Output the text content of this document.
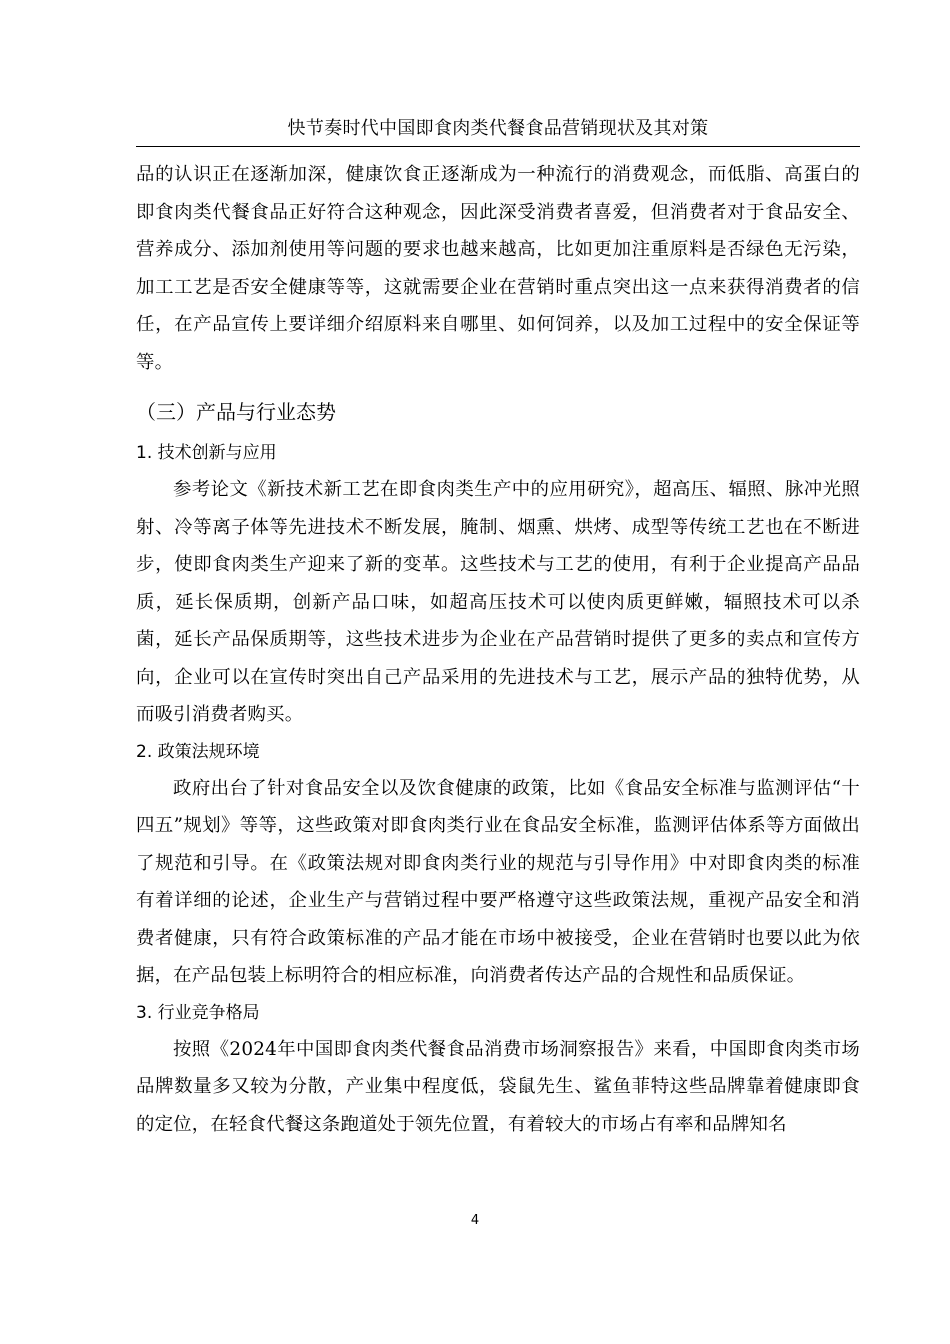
快节奏时代中国即食肉类代餐食品营销现状及其对策

品的认识正在逐渐加深，健康饮食正逐渐成为一种流行的消费观念，而低脂、高蛋白的即食肉类代餐食品正好符合这种观念，因此深受消费者喜爱，但消费者对于食品安全、营养成分、添加剂使用等问题的要求也越来越高，比如更加注重原料是否绿色无污染，加工工艺是否安全健康等等，这就需要企业在营销时重点突出这一点来获得消费者的信任，在产品宣传上要详细介绍原料来自哪里、如何饲养，以及加工过程中的安全保证等等。

（三）产品与行业态势
1. 技术创新与应用

参考论文《新技术新工艺在即食肉类生产中的应用研究》，超高压、辐照、脉冲光照射、冷等离子体等先进技术不断发展，腌制、烟熏、烘烤、成型等传统工艺也在不断进步，使即食肉类生产迎来了新的变革。这些技术与工艺的使用，有利于企业提高产品品质，延长保质期，创新产品口味，如超高压技术可以使肉质更鲜嫩，辐照技术可以杀菌，延长产品保质期等，这些技术进步为企业在产品营销时提供了更多的卖点和宣传方向，企业可以在宣传时突出自己产品采用的先进技术与工艺，展示产品的独特优势，从而吸引消费者购买。

2. 政策法规环境

政府出台了针对食品安全以及饮食健康的政策，比如《食品安全标准与监测评估“十四五”规划》等等，这些政策对即食肉类行业在食品安全标准，监测评估体系等方面做出了规范和引导。在《政策法规对即食肉类行业的规范与引导作用》中对即食肉类的标准有着详细的论述，企业生产与营销过程中要严格遵守这些政策法规，重视产品安全和消费者健康，只有符合政策标准的产品才能在市场中被接受，企业在营销时也要以此为依据，在产品包装上标明符合的相应标准，向消费者传达产品的合规性和品质保证。

3. 行业竞争格局

按照《2024年中国即食肉类代餐食品消费市场洞察报告》来看，中国即食肉类市场品牌数量多又较为分散，产业集中程度低，袋鼠先生、鲨鱼菲特这些品牌靠着健康即食的定位，在轻食代餐这条跑道处于领先位置，有着较大的市场占有率和品牌知名

4
